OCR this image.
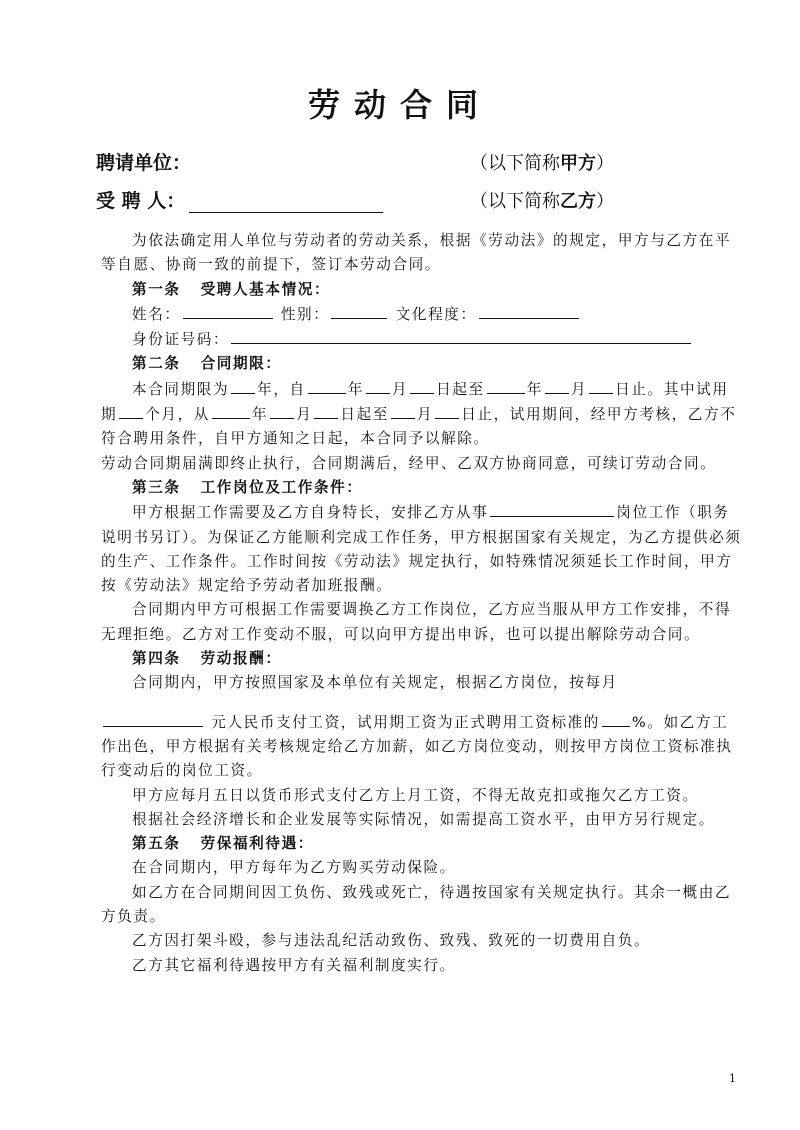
劳动合同
聘请单位：	（以下简称甲方）
受 聘 人：	（以下简称乙方）

为依法确定用人单位与劳动者的劳动关系，根据《劳动法》的规定，甲方与乙方在平等自愿、协商一致的前提下，签订本劳动合同。

第一条 受聘人基本情况：

姓名：	性别：	文化程度：

身份证号码：

第二条 合同期限：

本合同期限为 年，自	年 月 日起至	年 月 日止。其中试用期 个月，从	年 月 日起至 月 日止，试用期间，经甲方考核，乙方不符合聘用条件，自甲方通知之日起，本合同予以解除。

劳动合同期届满即终止执行，合同期满后，经甲、乙双方协商同意，可续订劳动合同。

第三条 工作岗位及工作条件：

甲方根据工作需要及乙方自身特长，安排乙方从事	岗位工作（职务说明书另订）。为保证乙方能顺利完成工作任务，甲方根据国家有关规定，为乙方提供必须的生产、工作条件。工作时间按《劳动法》规定执行，如特殊情况须延长工作时间，甲方按《劳动法》规定给予劳动者加班报酬。

合同期内甲方可根据工作需要调换乙方工作岗位，乙方应当服从甲方工作安排，不得无理拒绝。乙方对工作变动不服，可以向甲方提出申诉，也可以提出解除劳动合同。

第四条 劳动报酬：

合同期内，甲方按照国家及本单位有关规定，根据乙方岗位，按每月

元人民币支付工资，试用期工资为正式聘用工资标准的 %。如乙方工作出色，甲方根据有关考核规定给乙方加薪，如乙方岗位变动，则按甲方岗位工资标准执行变动后的岗位工资。

甲方应每月五日以货币形式支付乙方上月工资，不得无故克扣或拖欠乙方工资。

根据社会经济增长和企业发展等实际情况，如需提高工资水平，由甲方另行规定。

第五条 劳保福利待遇：

在合同期内，甲方每年为乙方购买劳动保险。

如乙方在合同期间因工负伤、致残或死亡，待遇按国家有关规定执行。其余一概由乙方负责。

乙方因打架斗殴，参与违法乱纪活动致伤、致残、致死的一切费用自负。

乙方其它福利待遇按甲方有关福利制度实行。

1
